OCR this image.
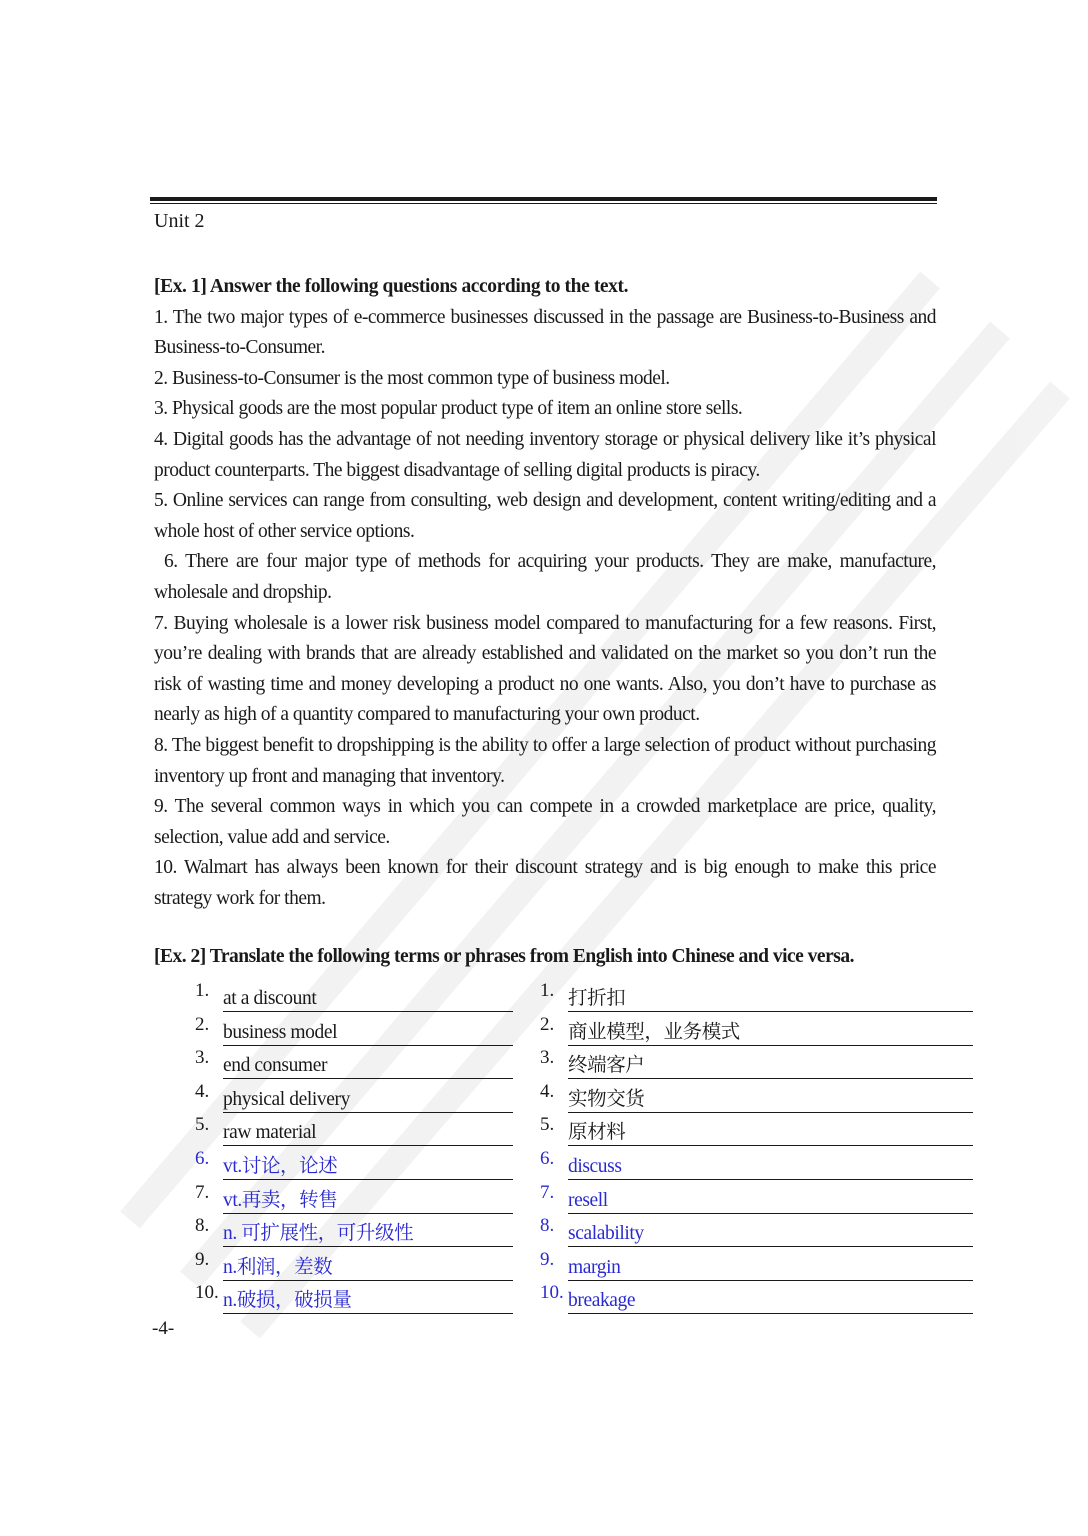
Unit 2

[Ex. 1] Answer the following questions according to the text.

1. The two major types of e-commerce businesses discussed in the passage are Business-to-Business and Business-to-Consumer.

2. Business-to-Consumer is the most common type of business model.

3. Physical goods are the most popular product type of item an online store sells.

4. Digital goods has the advantage of not needing inventory storage or physical delivery like it’s physical product counterparts. The biggest disadvantage of selling digital products is piracy.

5. Online services can range from consulting, web design and development, content writing/editing and a whole host of other service options.

6. There are four major type of methods for acquiring your products. They are make, manufacture, wholesale and dropship.

7. Buying wholesale is a lower risk business model compared to manufacturing for a few reasons. First, you’re dealing with brands that are already established and validated on the market so you don’t run the risk of wasting time and money developing a product no one wants. Also, you don’t have to purchase as nearly as high of a quantity compared to manufacturing your own product.

8. The biggest benefit to dropshipping is the ability to offer a large selection of product without purchasing inventory up front and managing that inventory.

9. The several common ways in which you can compete in a crowded marketplace are price, quality, selection, value add and service.

10. Walmart has always been known for their discount strategy and is big enough to make this price strategy work for them.

[Ex. 2] Translate the following terms or phrases from English into Chinese and vice versa.

1. at a discount
2. business model
3. end consumer
4. physical delivery
5. raw material
6. vt.讨论，论述
7. vt.再卖，转售
8. n. 可扩展性，可升级性
9. n.利润，差数
10. n.破损，破损量
1. 打折扣
2. 商业模型，业务模式
3. 终端客户
4. 实物交货
5. 原材料
6. discuss
7. resell
8. scalability
9. margin
10. breakage
-4-
